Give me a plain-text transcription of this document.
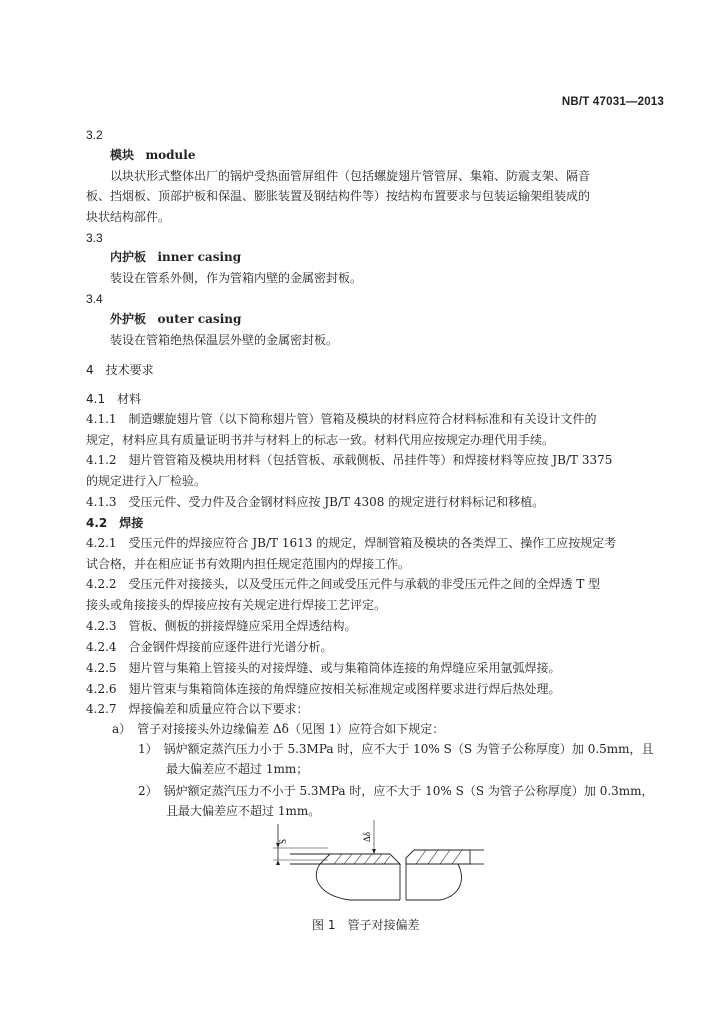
NB/T 47031—2013
3.2
模块 module
以块状形式整体出厂的锅炉受热面管屏组件（包括螺旋翅片管管屏、集箱、防震支架、隔音
板、挡烟板、顶部护板和保温、膨胀装置及钢结构件等）按结构布置要求与包装运输架组装成的
块状结构部件。
3.3
内护板 inner casing
装设在管系外侧，作为管箱内壁的金属密封板。
3.4
外护板 outer casing
装设在管箱绝热保温层外壁的金属密封板。
4　技术要求
4.1　材料
4.1.1　制造螺旋翅片管（以下简称翅片管）管箱及模块的材料应符合材料标准和有关设计文件的
规定，材料应具有质量证明书并与材料上的标志一致。材料代用应按规定办理代用手续。
4.1.2　翅片管管箱及模块用材料（包括管板、承载侧板、吊挂件等）和焊接材料等应按 JB/T 3375
的规定进行入厂检验。
4.1.3　受压元件、受力件及合金钢材料应按 JB/T 4308 的规定进行材料标记和移植。
4.2　焊接
4.2.1　受压元件的焊接应符合 JB/T 1613 的规定，焊制管箱及模块的各类焊工、操作工应按规定考
试合格，并在相应证书有效期内担任规定范围内的焊接工作。
4.2.2　受压元件对接接头，以及受压元件之间或受压元件与承载的非受压元件之间的全焊透 T 型
接头或角接接头的焊接应按有关规定进行焊接工艺评定。
4.2.3　管板、侧板的拼接焊缝应采用全焊透结构。
4.2.4　合金钢件焊接前应逐件进行光谱分析。
4.2.5　翅片管与集箱上管接头的对接焊缝、或与集箱筒体连接的角焊缝应采用氩弧焊接。
4.2.6　翅片管束与集箱筒体连接的角焊缝应按相关标准规定或图样要求进行焊后热处理。
4.2.7　焊接偏差和质量应符合以下要求：
a）　管子对接接头外边缘偏差 Δδ（见图 1）应符合如下规定：
1）　锅炉额定蒸汽压力小于 5.3MPa 时，应不大于 10% S（S 为管子公称厚度）加 0.5mm，且
最大偏差应不超过 1mm；
2）　锅炉额定蒸汽压力不小于 5.3MPa 时，应不大于 10% S（S 为管子公称厚度）加 0.3mm，
且最大偏差应不超过 1mm。
S	Δδ
图 1　管子对接偏差
